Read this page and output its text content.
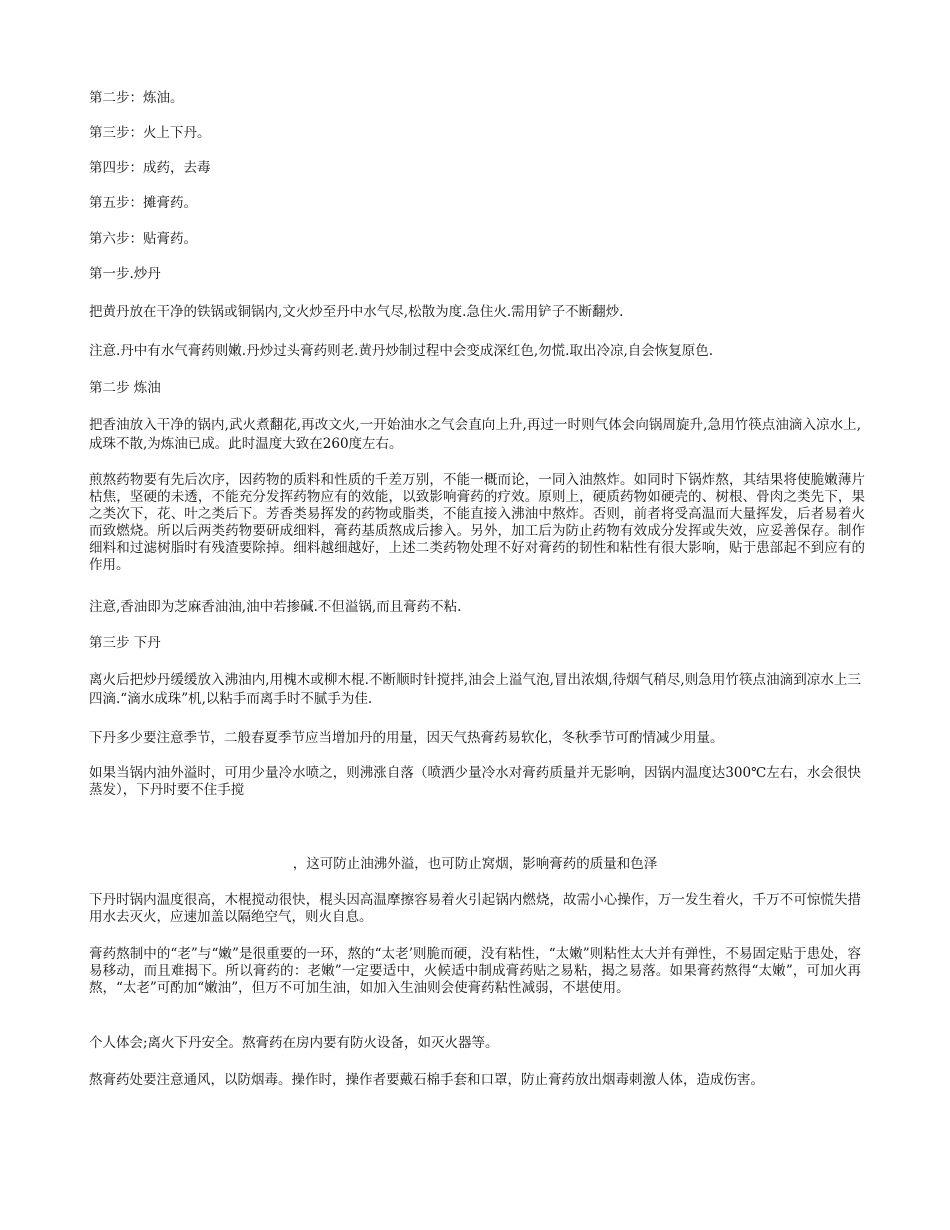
第二步：炼油。

第三步：火上下丹。

第四步：成药，去毒

第五步：摊膏药。

第六步：贴膏药。

第一步.炒丹

把黄丹放在干净的铁锅或铜锅内,文火炒至丹中水气尽,松散为度.急住火.需用铲子不断翻炒.

注意.丹中有水气膏药则嫩.丹炒过头膏药则老.黄丹炒制过程中会变成深红色,勿慌.取出冷凉,自会恢复原色.

第二步 炼油

把香油放入干净的锅内,武火煮翻花,再改文火,一开始油水之气会直向上升,再过一时则气体会向锅周旋升,急用竹筷点油滴入凉水上,成珠不散,为炼油已成。此时温度大致在260度左右。

煎熬药物要有先后次序，因药物的质料和性质的千差万别，不能一概而论，一同入油熬炸。如同时下锅炸熬，其结果将使脆嫩薄片枯焦，坚硬的未透，不能充分发挥药物应有的效能，以致影响膏药的疗效。原则上，硬质药物如硬壳的、树根、骨肉之类先下，果之类次下，花、叶之类后下。芳香类易挥发的药物或脂类，不能直接入沸油中熬炸。否则，前者将受高温而大量挥发，后者易着火而致燃烧。所以后两类药物要研成细料，膏药基质熬成后掺入。另外，加工后为防止药物有效成分发挥或失效，应妥善保存。制作细料和过滤树脂时有残渣要除掉。细料越细越好，上述二类药物处理不好对膏药的韧性和粘性有很大影响，贴于患部起不到应有的作用。

注意,香油即为芝麻香油油,油中若掺碱.不但溢锅,而且膏药不粘.

第三步 下丹

离火后把炒丹缓缓放入沸油内,用槐木或柳木棍.不断顺时针搅拌,油会上溢气泡,冒出浓烟,待烟气稍尽,则急用竹筷点油滴到凉水上三四滴.“滴水成珠”机,以粘手而离手时不腻手为佳.

下丹多少要注意季节，二般春夏季节应当增加丹的用量，因天气热膏药易软化，冬秋季节可酌情减少用量。

如果当锅内油外溢时，可用少量冷水喷之，则沸涨自落（喷洒少量冷水对膏药质量并无影响，因锅内温度达300℃左右，水会很快蒸发），下丹时要不住手搅

，这可防止油沸外溢，也可防止窝烟，影响膏药的质量和色泽

下丹时锅内温度很高，木棍搅动很快，棍头因高温摩擦容易着火引起锅内燃烧，故需小心操作，万一发生着火，千万不可惊慌失措用水去灭火，应速加盖以隔绝空气，则火自息。

膏药熬制中的“老”与“嫩”是很重要的一环，熬的“太老’则脆而硬，没有粘性，“太嫩”则粘性太大并有弹性，不易固定贴于患处，容易移动，而且难揭下。所以膏药的：老嫩”一定要适中，火候适中制成膏药贴之易粘，揭之易落。如果膏药熬得“太嫩”，可加火再熬，“太老”可酌加“嫩油”，但万不可加生油，如加入生油则会使膏药粘性减弱，不堪使用。

个人体会;离火下丹安全。熬膏药在房内要有防火设备，如灭火器等。

熬膏药处要注意通风，以防烟毒。操作时，操作者要戴石棉手套和口罩，防止膏药放出烟毒刺激人体，造成伤害。
